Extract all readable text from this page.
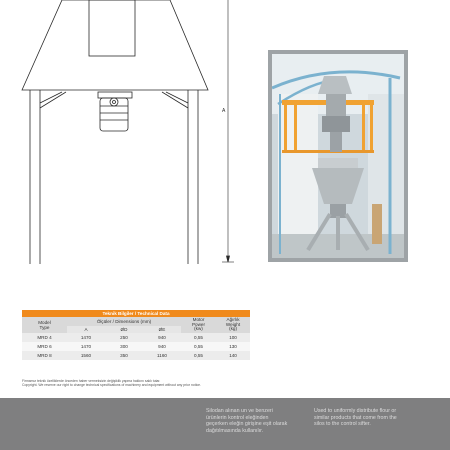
A
Teknik Bilgiler / Technical Data					
Model
Type	Ölçüler / Dimensions (mm)			Motor
Power
(kw)	Ağırlık
Weight
(kg)
	A	ØD	ØE		
MRD 4	1470	250	940	0,55	100
MRD 6	1470	300	940	0,55	130
MRD 8	1560	350	1160	0,55	140
Firmamız teknik özelliklerde önceden haber vermeksizin değişiklik yapma hakkını saklı tutar.
Copyright. We reserve our right to change technical specifications of machinery and equipment without any prior notice.
Silodan alınan un ve benzeri ürünlerin kontrol eleğinden geçerken eleğin girişine eşit olarak dağıtılmasında kullanılır.
Used to uniformly distribute flour or similar products that come from the silos to the control sifter.
